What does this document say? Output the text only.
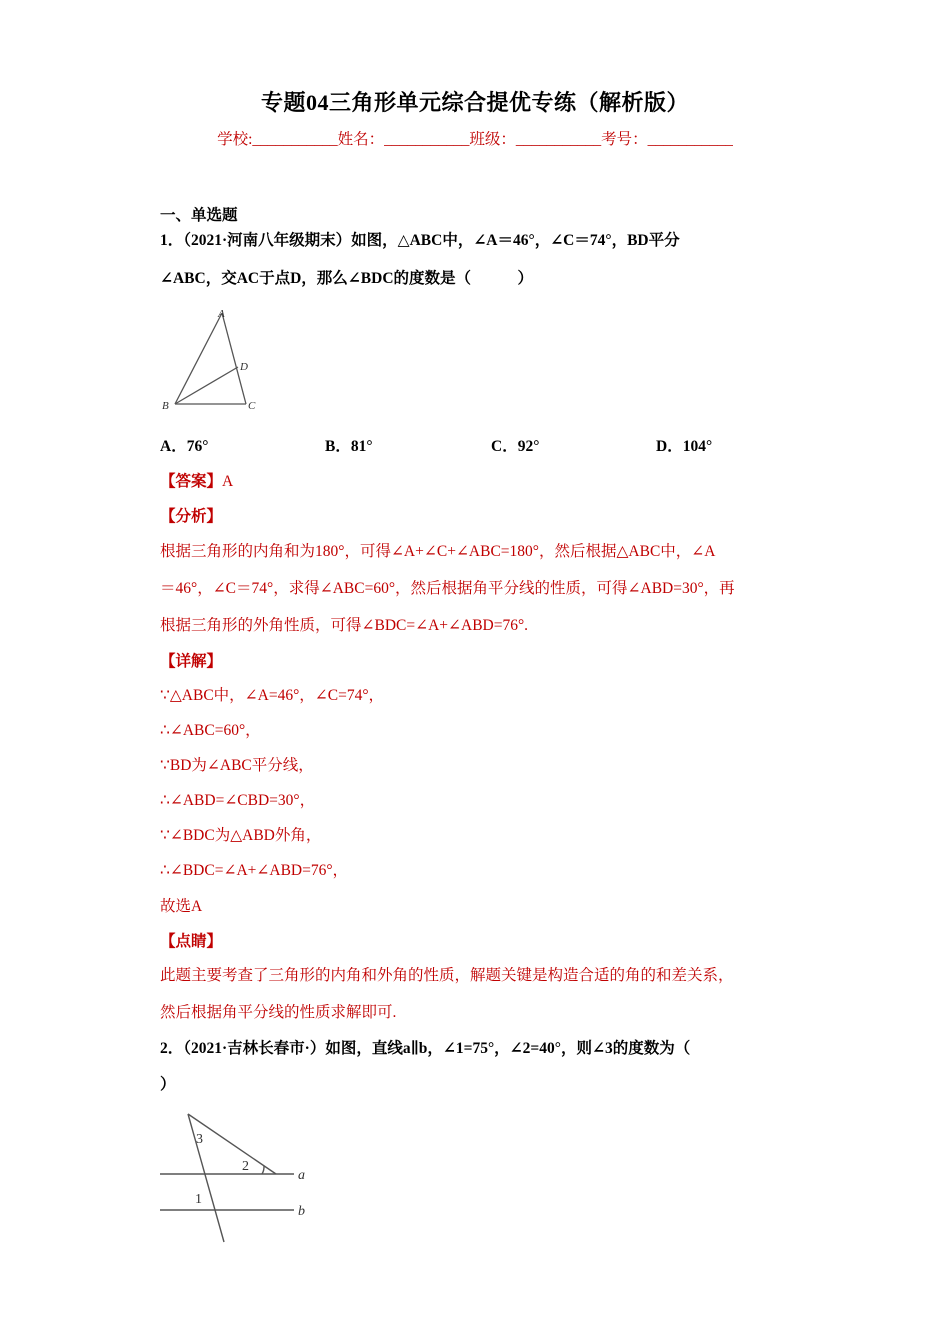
专题04三角形单元综合提优专练（解析版）
学校:___________姓名：___________班级：___________考号：___________
一、单选题
1．（2021·河南八年级期末）如图，△ABC中，∠A＝46°，∠C＝74°，BD平分
∠ABC，交AC于点D，那么∠BDC的度数是（　　　）
A
D
B	C
A．76°	B．81°	C．92°	D．104°
【答案】A
【分析】
根据三角形的内角和为180°，可得∠A+∠C+∠ABC=180°，然后根据△ABC中，∠A
＝46°，∠C＝74°，求得∠ABC=60°，然后根据角平分线的性质，可得∠ABD=30°，再
根据三角形的外角性质，可得∠BDC=∠A+∠ABD=76°.
【详解】
∵△ABC中，∠A=46°，∠C=74°，
∴∠ABC=60°，
∵BD为∠ABC平分线，
∴∠ABD=∠CBD=30°，
∵∠BDC为△ABD外角，
∴∠BDC=∠A+∠ABD=76°，
故选A
【点睛】
此题主要考查了三角形的内角和外角的性质，解题关键是构造合适的角的和差关系，
然后根据角平分线的性质求解即可.
2．（2021·吉林长春市·）如图，直线a∥b，∠1=75°，∠2=40°，则∠3的度数为（
）
3
2
a
1
b
